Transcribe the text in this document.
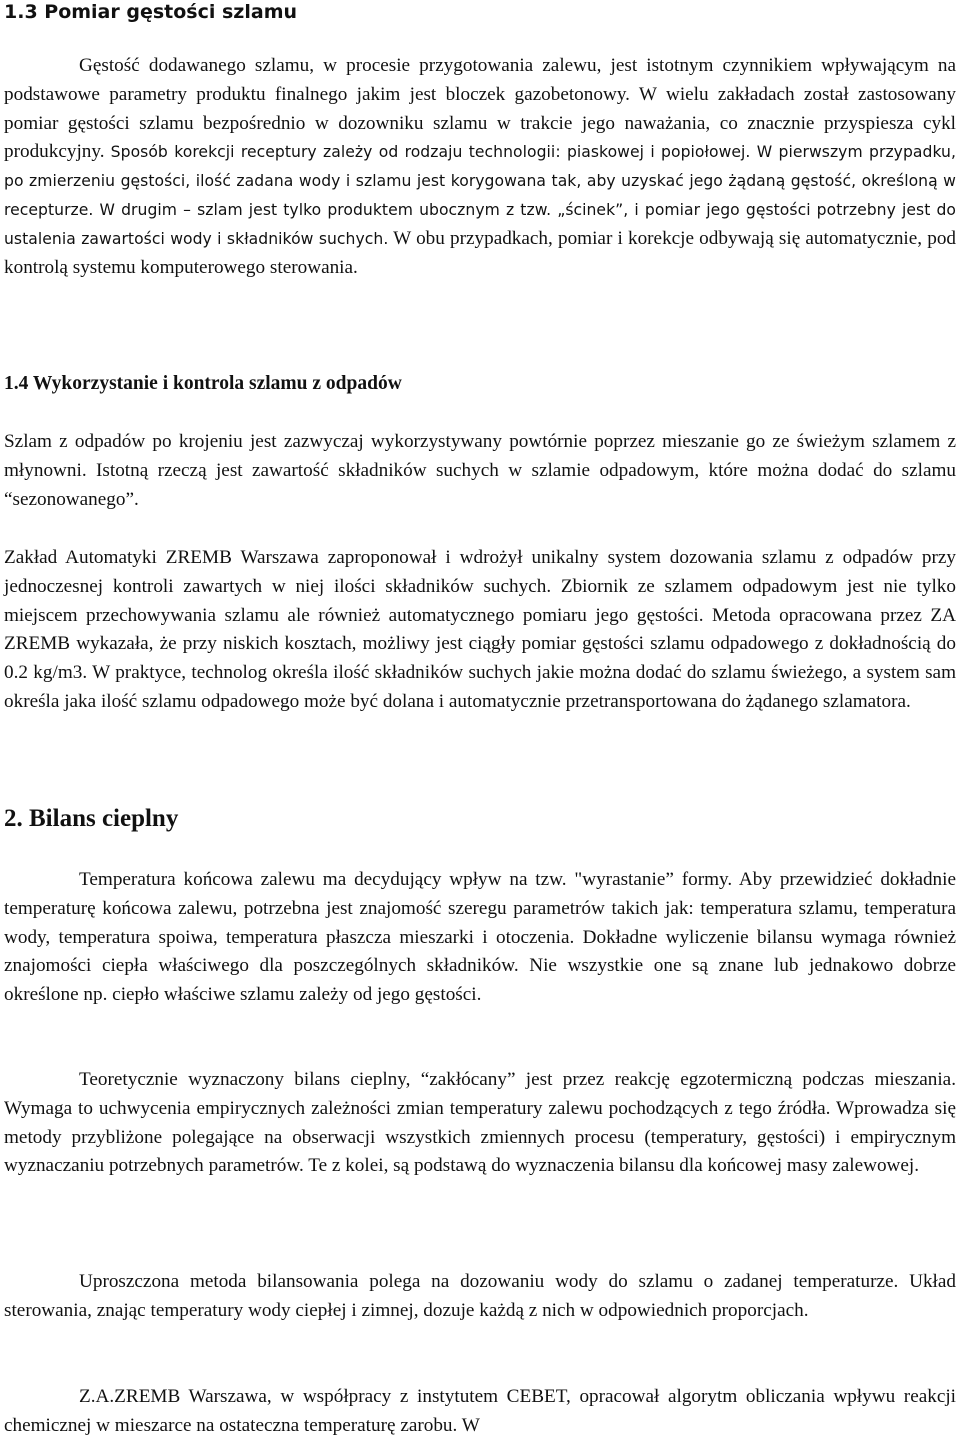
1.3 Pomiar gęstości szlamu

Gęstość dodawanego szlamu, w procesie przygotowania zalewu, jest istotnym czynnikiem wpływającym na podstawowe parametry produktu finalnego jakim jest bloczek gazobetonowy. W wielu zakładach został zastosowany pomiar gęstości szlamu bezpośrednio w dozowniku szlamu w trakcie jego naważania, co znacznie przyspiesza cykl produkcyjny. Sposób korekcji receptury zależy od rodzaju technologii: piaskowej i popiołowej. W pierwszym przypadku, po zmierzeniu gęstości, ilość zadana wody i szlamu jest korygowana tak, aby uzyskać jego żądaną gęstość, określoną w recepturze. W drugim – szlam jest tylko produktem ubocznym z tzw. „ścinek”, i pomiar jego gęstości potrzebny jest do ustalenia zawartości wody i składników suchych. W obu przypadkach, pomiar i korekcje odbywają się automatycznie, pod kontrolą systemu komputerowego sterowania.

1.4 Wykorzystanie i kontrola szlamu z odpadów

Szlam z odpadów po krojeniu jest zazwyczaj wykorzystywany powtórnie poprzez mieszanie go ze świeżym szlamem z młynowni. Istotną rzeczą jest zawartość składników suchych w szlamie odpadowym, które można dodać do szlamu “sezonowanego”.

Zakład Automatyki ZREMB Warszawa zaproponował i wdrożył unikalny system dozowania szlamu z odpadów przy jednoczesnej kontroli zawartych w niej ilości składników suchych. Zbiornik ze szlamem odpadowym jest nie tylko miejscem przechowywania szlamu ale również automatycznego pomiaru jego gęstości. Metoda opracowana przez ZA ZREMB wykazała, że przy niskich kosztach, możliwy jest ciągły pomiar gęstości szlamu odpadowego z dokładnością do 0.2 kg/m3. W praktyce, technolog określa ilość składników suchych jakie można dodać do szlamu świeżego, a system sam określa jaka ilość szlamu odpadowego może być dolana i automatycznie przetransportowana do żądanego szlamatora.

2. Bilans cieplny

Temperatura końcowa zalewu ma decydujący wpływ na tzw. "wyrastanie” formy. Aby przewidzieć dokładnie temperaturę końcowa zalewu, potrzebna jest znajomość szeregu parametrów takich jak: temperatura szlamu, temperatura wody, temperatura spoiwa, temperatura płaszcza mieszarki i otoczenia. Dokładne wyliczenie bilansu wymaga również znajomości ciepła właściwego dla poszczególnych składników. Nie wszystkie one są znane lub jednakowo dobrze określone np. ciepło właściwe szlamu zależy od jego gęstości.

Teoretycznie wyznaczony bilans cieplny, “zakłócany” jest przez reakcję egzotermiczną podczas mieszania. Wymaga to uchwycenia empirycznych zależności zmian temperatury zalewu pochodzących z tego źródła. Wprowadza się metody przybliżone polegające na obserwacji wszystkich zmiennych procesu (temperatury, gęstości) i empirycznym wyznaczaniu potrzebnych parametrów. Te z kolei, są podstawą do wyznaczenia bilansu dla końcowej masy zalewowej.

Uproszczona metoda bilansowania polega na dozowaniu wody do szlamu o zadanej temperaturze. Układ sterowania, znając temperatury wody ciepłej i zimnej, dozuje każdą z nich w odpowiednich proporcjach.

Z.A.ZREMB Warszawa, w współpracy z instytutem CEBET, opracował algorytm obliczania wpływu reakcji chemicznej w mieszarce na ostateczna temperaturę zarobu. W
